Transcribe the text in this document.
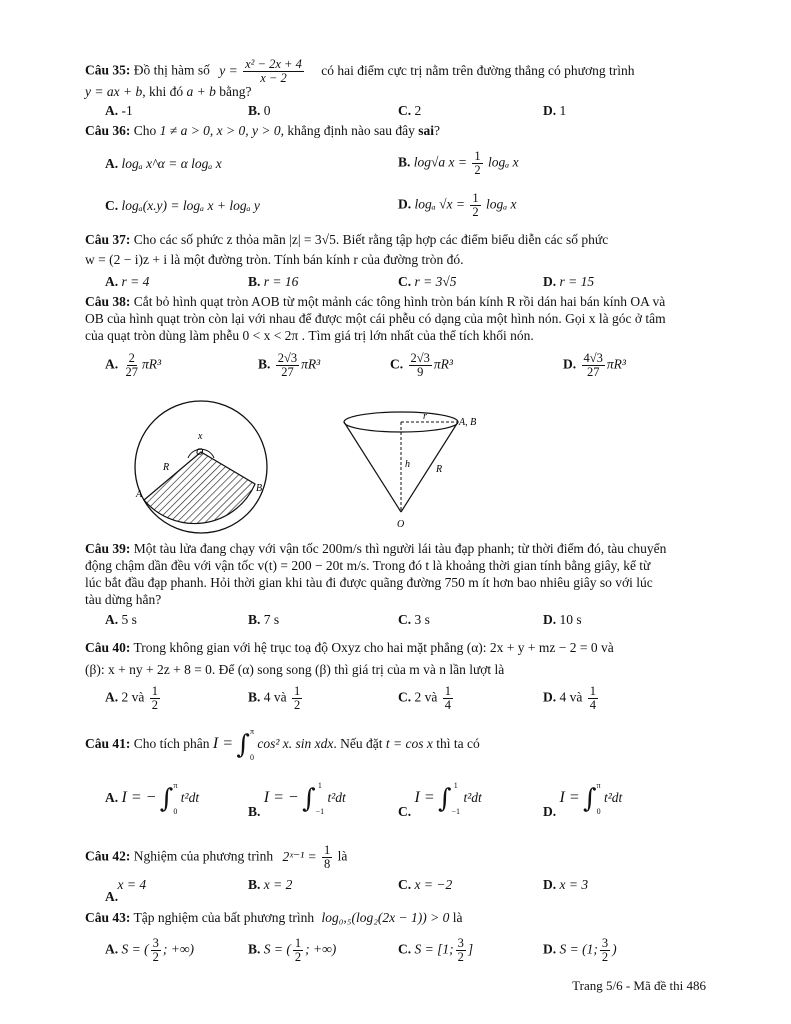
Câu 35: Đồ thị hàm số $y = \frac{\text{x² − 2x + 4}}{x - 2}$ có hai điểm cực trị nằm trên đường thẳng có phương trình
y = ax + b, khi đó a + b bằng?
A. -1	B. 0	C. 2	D. 1
Câu 36: Cho 1 ≠ a > 0, x > 0, y > 0, khẳng định nào sau đây sai?
A. logₐ x^α = α logₐ x	B. log√a $x = \frac{1}{2}$ logₐ x
C. logₐ(x.y) = logₐ x + logₐ y	D. logₐ $√x = \frac{1}{2}$ logₐ x
Câu 37: Cho các số phức z thỏa mãn |z| = 3√5. Biết rằng tập hợp các điểm biểu diễn các số phức
w = (2 − i)z + i là một đường tròn. Tính bán kính r của đường tròn đó.
A. r = 4	B. r = 16	C. r = 3√5	D. r = 15
Câu 38: Cắt bỏ hình quạt tròn AOB từ một mảnh các tông hình tròn bán kính R rồi dán hai bán kính OA và
OB của hình quạt tròn còn lại với nhau để được một cái phễu có dạng của một hình nón. Gọi x là góc ở tâm
của quạt tròn dùng làm phễu 0 < x < 2π . Tìm giá trị lớn nhất của thể tích khối nón.
A. $\frac{2}{27} \pi R^3$	B. $\frac{2√3}{27} \pi R^3$	C. $\frac{2√3}{9} \pi R^3$	D. $\frac{4√3}{27} \pi R^3$
x
O
R
A
B
r
A, B
h	R
O
Câu 39: Một tàu lửa đang chạy với vận tốc 200m/s thì người lái tàu đạp phanh; từ thời điểm đó, tàu chuyển
động chậm dần đều với vận tốc v(t) = 200 − 20t m/s. Trong đó t là khoảng thời gian tính bằng giây, kể từ
lúc bắt đầu đạp phanh. Hỏi thời gian khi tàu đi được quãng đường 750 m ít hơn bao nhiêu giây so với lúc
tàu dừng hẳn?
A. 5 s	B. 7 s	C. 3 s	D. 10 s
Câu 40: Trong không gian với hệ trục toạ độ Oxyz cho hai mặt phẳng (α): 2x + y + mz − 2 = 0 và
(β): x + ny + 2z + 8 = 0. Để (α) song song (β) thì giá trị của m và n lần lượt là
A. 2 và $\frac{1}{2}$	B. 4 và $\frac{1}{2}$	C. 2 và $\frac{1}{4}$	D. 4 và $\frac{1}{4}$
Câu 41: Cho tích phân I = ∫ π
0
cos² x. sin xdx. Nếu đặt t = cos x thì ta có
A. I = − ∫ π
0
t²dt
B. I = − ∫ 1
−1
t²dt
C. I = ∫ 1
−1
t²dt
D. I = ∫ π
0
t²dt
Câu 42: Nghiệm của phương trình 2ˣ⁻¹ = $\frac{1}{8}$ là
A. x = 4	B. x = 2	C. x = −2	D. x = 3
Câu 43: Tập nghiệm của bất phương trình log₀,₅(log₂(2x − 1)) > 0 là
A. S = ( $\frac{3}{2}$ ; +∞)	B. S = ( $\frac{1}{2}$ ; +∞)	C. S = [1; $\frac{3}{2}$ ]	D. S = (1; $\frac{3}{2}$ )
Trang 5/6 - Mã đề thi 486
